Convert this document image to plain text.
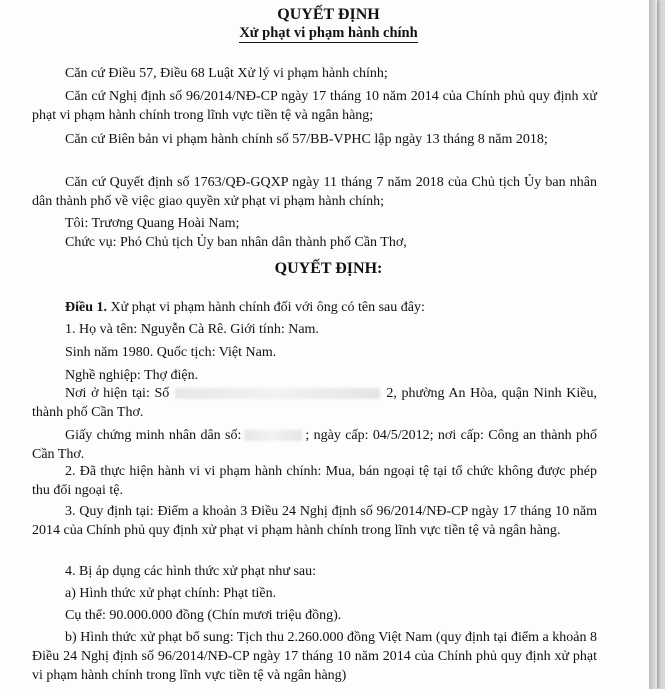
QUYẾT ĐỊNH
Xử phạt vi phạm hành chính

Căn cứ Điều 57, Điều 68 Luật Xử lý vi phạm hành chính;

Căn cứ Nghị định số 96/2014/NĐ-CP ngày 17 tháng 10 năm 2014 của Chính phủ quy định xử phạt vi phạm hành chính trong lĩnh vực tiền tệ và ngân hàng;

Căn cứ Biên bản vi phạm hành chính số 57/BB-VPHC lập ngày 13 tháng 8 năm 2018;

Căn cứ Quyết định số 1763/QĐ-GQXP ngày 11 tháng 7 năm 2018 của Chủ tịch Ủy ban nhân dân thành phố về việc giao quyền xử phạt vi phạm hành chính;

Tôi: Trương Quang Hoài Nam;

Chức vụ: Phó Chủ tịch Ủy ban nhân dân thành phố Cần Thơ,

QUYẾT ĐỊNH:

Điều 1. Xử phạt vi phạm hành chính đối với ông có tên sau đây:

1. Họ và tên: Nguyễn Cà Rê. Giới tính: Nam.

Sinh năm 1980. Quốc tịch: Việt Nam.

Nghề nghiệp: Thợ điện.

Nơi ở hiện tại: Số	2, phường An Hòa, quận Ninh Kiều, thành phố Cần Thơ.

Giấy chứng minh nhân dân số:	; ngày cấp: 04/5/2012; nơi cấp: Công an thành phố Cần Thơ.

2. Đã thực hiện hành vi vi phạm hành chính: Mua, bán ngoại tệ tại tổ chức không được phép thu đổi ngoại tệ.

3. Quy định tại: Điểm a khoản 3 Điều 24 Nghị định số 96/2014/NĐ-CP ngày 17 tháng 10 năm 2014 của Chính phủ quy định xử phạt vi phạm hành chính trong lĩnh vực tiền tệ và ngân hàng.

4. Bị áp dụng các hình thức xử phạt như sau:

a) Hình thức xử phạt chính: Phạt tiền.

Cụ thể: 90.000.000 đồng (Chín mươi triệu đồng).

b) Hình thức xử phạt bổ sung: Tịch thu 2.260.000 đồng Việt Nam (quy định tại điểm a khoản 8 Điều 24 Nghị định số 96/2014/NĐ-CP ngày 17 tháng 10 năm 2014 của Chính phủ quy định xử phạt vi phạm hành chính trong lĩnh vực tiền tệ và ngân hàng)
